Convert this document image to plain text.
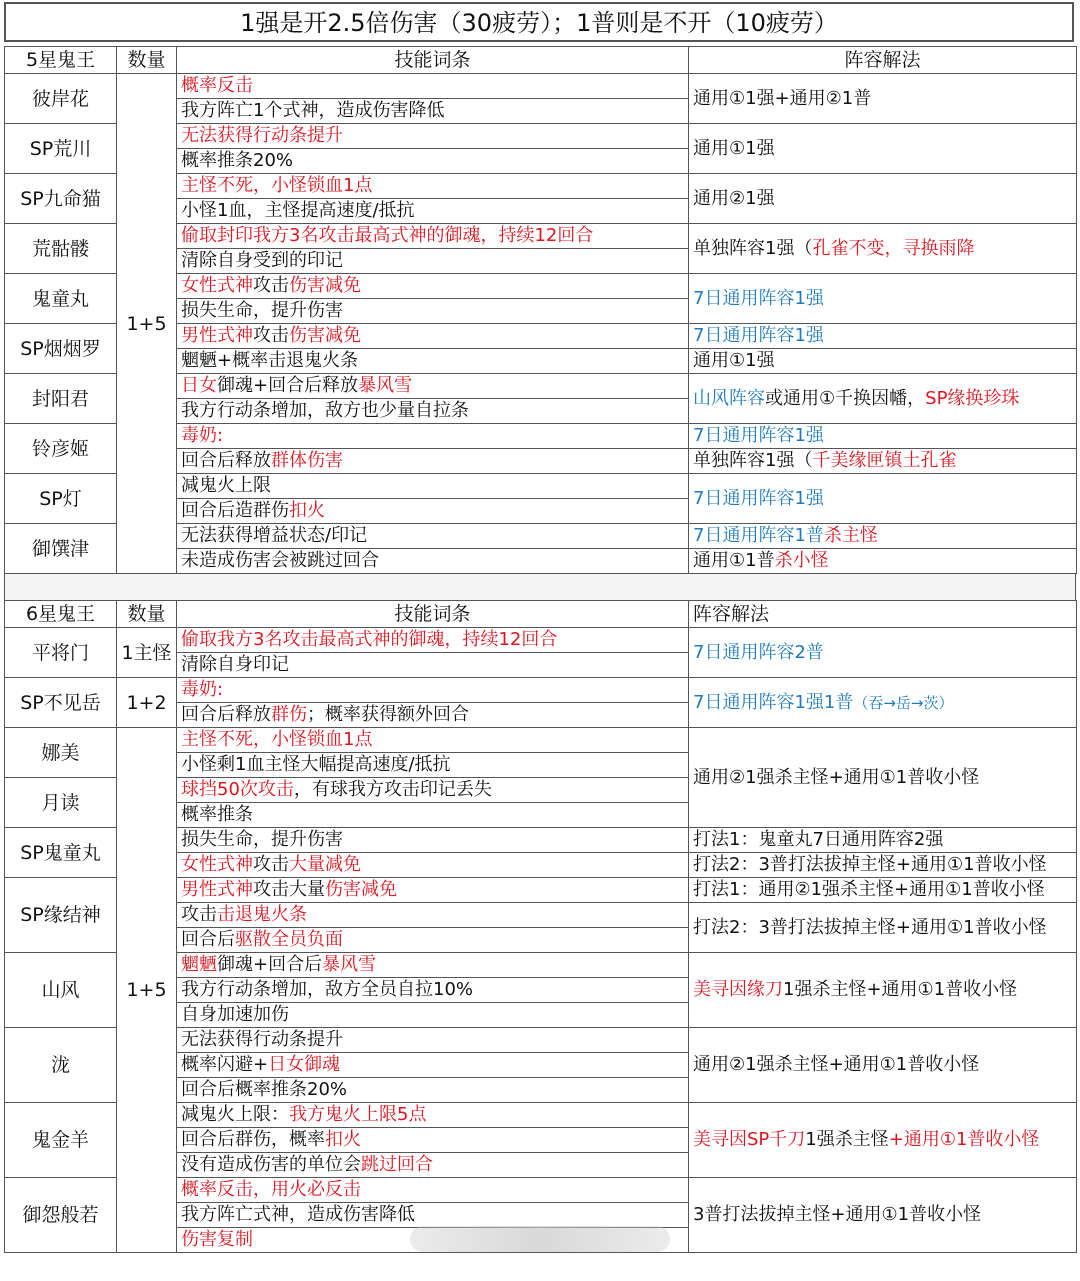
1强是开2.5倍伤害（30疲劳）；1普则是不开（10疲劳）
5星鬼王	数量	技能词条	阵容解法
彼岸花	1+5	概率反击	通用①1强+通用②1普
		我方阵亡1个式神，造成伤害降低	
SP荒川		无法获得行动条提升	通用①1强
		概率推条20%	
SP九命猫		主怪不死，小怪锁血1点	通用②1强
		小怪1血，主怪提高速度/抵抗	
荒骷髅		偷取封印我方3名攻击最高式神的御魂，持续12回合	单独阵容1强（孔雀不变，寻换雨降
		清除自身受到的印记	
鬼童丸		女性式神攻击伤害减免	7日通用阵容1强
		损失生命，提升伤害	
SP烟烟罗		男性式神攻击伤害减免	7日通用阵容1强
		魍魉+概率击退鬼火条	通用①1强
封阳君		日女御魂+回合后释放暴风雪	山风阵容或通用①千换因幡，SP缘换珍珠
		我方行动条增加，敌方也少量自拉条	
铃彦姬		毒奶:	7日通用阵容1强
		回合后释放群体伤害	单独阵容1强（千美缘匣镇土孔雀
SP灯		减鬼火上限	7日通用阵容1强
		回合后造群伤扣火	
御馔津		无法获得增益状态/印记	7日通用阵容1普杀主怪
		未造成伤害会被跳过回合	通用①1普杀小怪
6星鬼王	数量	技能词条	阵容解法
平将门	1主怪	偷取我方3名攻击最高式神的御魂，持续12回合	7日通用阵容2普
		清除自身印记	
SP不见岳	1+2	毒奶:	7日通用阵容1强1普（吞→岳→茨）
		回合后释放群伤；概率获得额外回合	
娜美	1+5	主怪不死，小怪锁血1点	通用②1强杀主怪+通用①1普收小怪
		小怪剩1血主怪大幅提高速度/抵抗	
月读		球挡50次攻击，有球我方攻击印记丢失	
		概率推条	
SP鬼童丸		损失生命，提升伤害	打法1：鬼童丸7日通用阵容2强
		女性式神攻击大量减免	打法2：3普打法拔掉主怪+通用①1普收小怪
SP缘结神		男性式神攻击大量伤害减免	打法1：通用②1强杀主怪+通用①1普收小怪
		攻击击退鬼火条	打法2：3普打法拔掉主怪+通用①1普收小怪
		回合后驱散全员负面	
山风		魍魉御魂+回合后暴风雪	美寻因缘刀1强杀主怪+通用①1普收小怪
		我方行动条增加，敌方全员自拉10%	
		自身加速加伤	
泷		无法获得行动条提升	通用②1强杀主怪+通用①1普收小怪
		概率闪避+日女御魂	
		回合后概率推条20%	
鬼金羊		减鬼火上限：我方鬼火上限5点	美寻因SP千刀1强杀主怪+通用①1普收小怪
		回合后群伤，概率扣火	
		没有造成伤害的单位会跳过回合	
御怨般若		概率反击，用火必反击	3普打法拔掉主怪+通用①1普收小怪
		我方阵亡式神，造成伤害降低	
		伤害复制	
